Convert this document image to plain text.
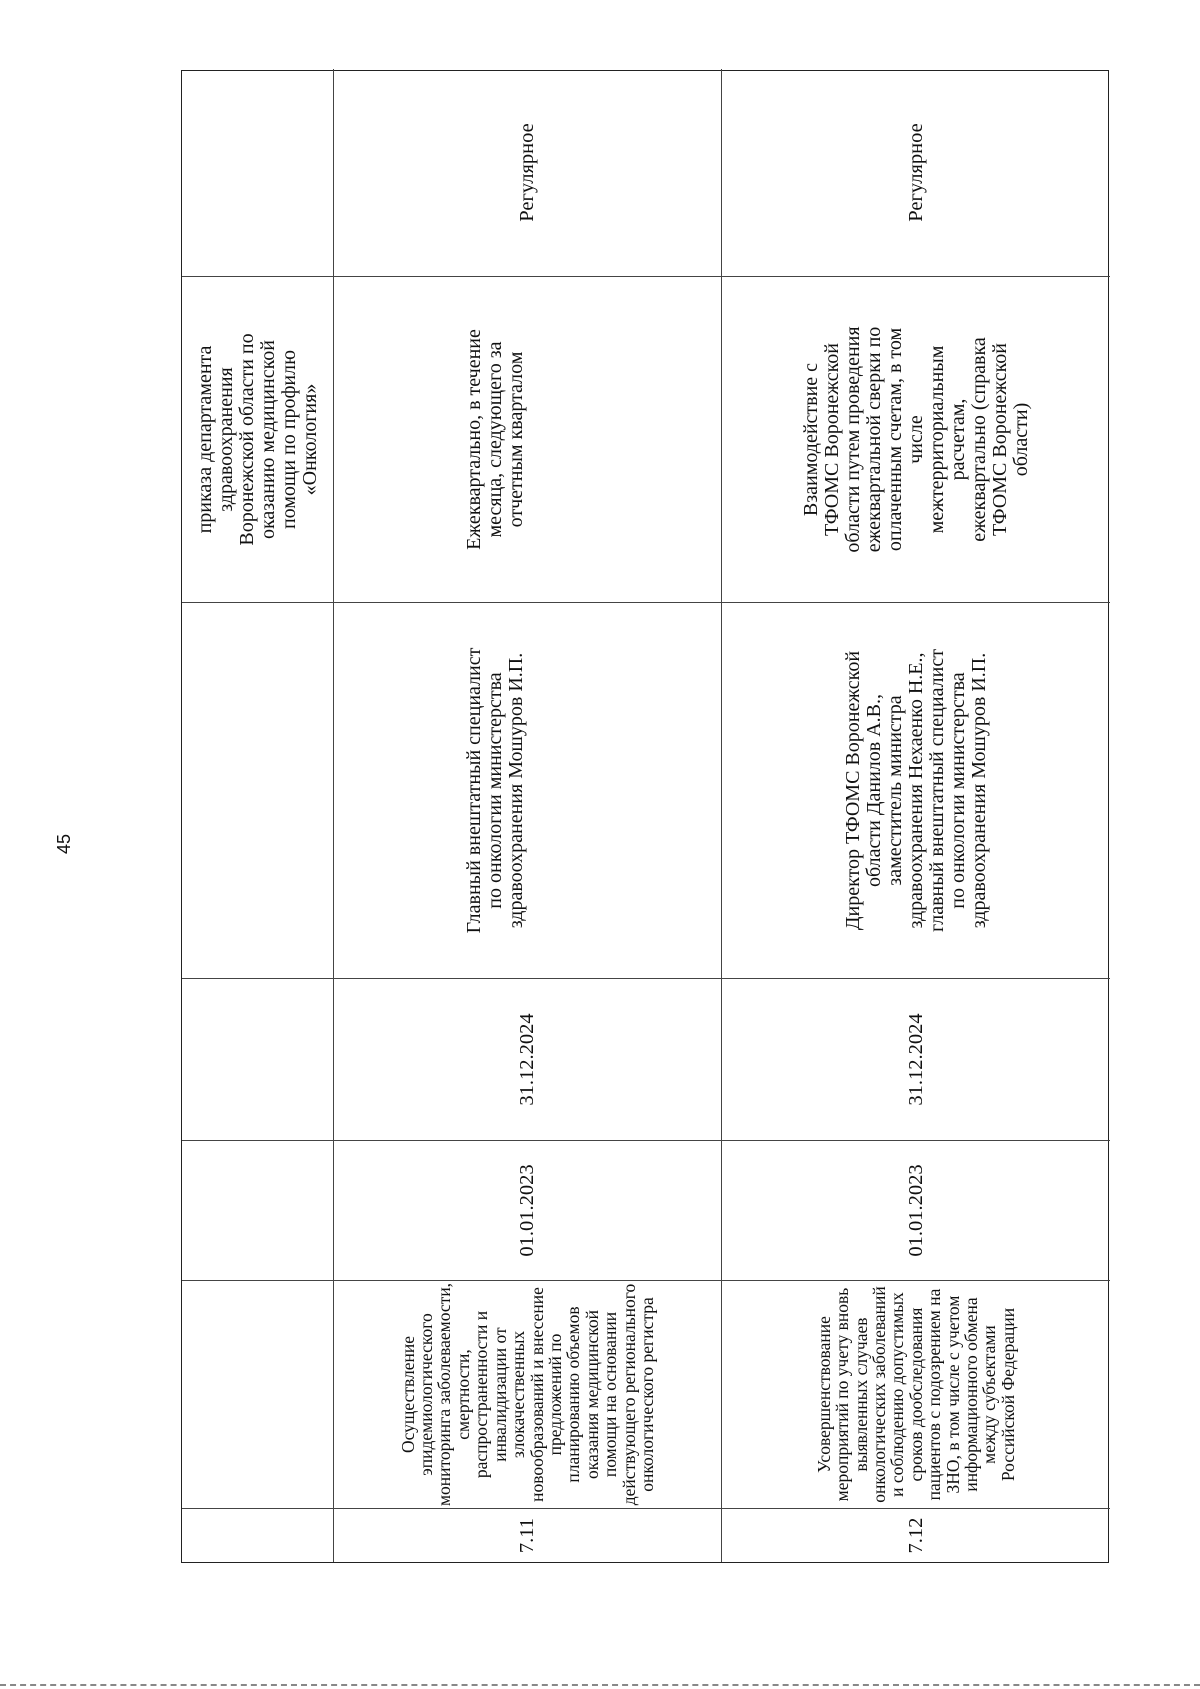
45
приказа департамента здравоохранения Воронежской области по оказанию медицинской помощи по профилю «Онкология»
7.11
Осуществление
эпидемиологического
мониторинга заболеваемости,
смертности,
распространенности и
инвалидизации от
злокачественных
новообразований и внесение
предложений по
планированию объемов
оказания медицинской
помощи на основании
действующего регионального
онкологического регистра
01.01.2023
31.12.2024
Главный внештатный специалист по онкологии министерства здравоохранения Мошуров И.П.
Ежеквартально, в течение месяца, следующего за отчетным кварталом
Регулярное
7.12
Усовершенствование
мероприятий по учету вновь
выявленных случаев
онкологических заболеваний
и соблюдению допустимых
сроков дообследования
пациентов с подозрением на
ЗНО, в том числе с учетом
информационного обмена
между субъектами
Российской Федерации
01.01.2023
31.12.2024
Директор ТФОМС Воронежской области Данилов А.В., заместитель министра здравоохранения Нехаенко Н.Е., главный внештатный специалист по онкологии министерства здравоохранения Мошуров И.П.
Взаимодействие с ТФОМС Воронежской области путем проведения ежеквартальной сверки по оплаченным счетам, в том числе межтерриториальным расчетам, ежеквартально (справка ТФОМС Воронежской области)
Регулярное
